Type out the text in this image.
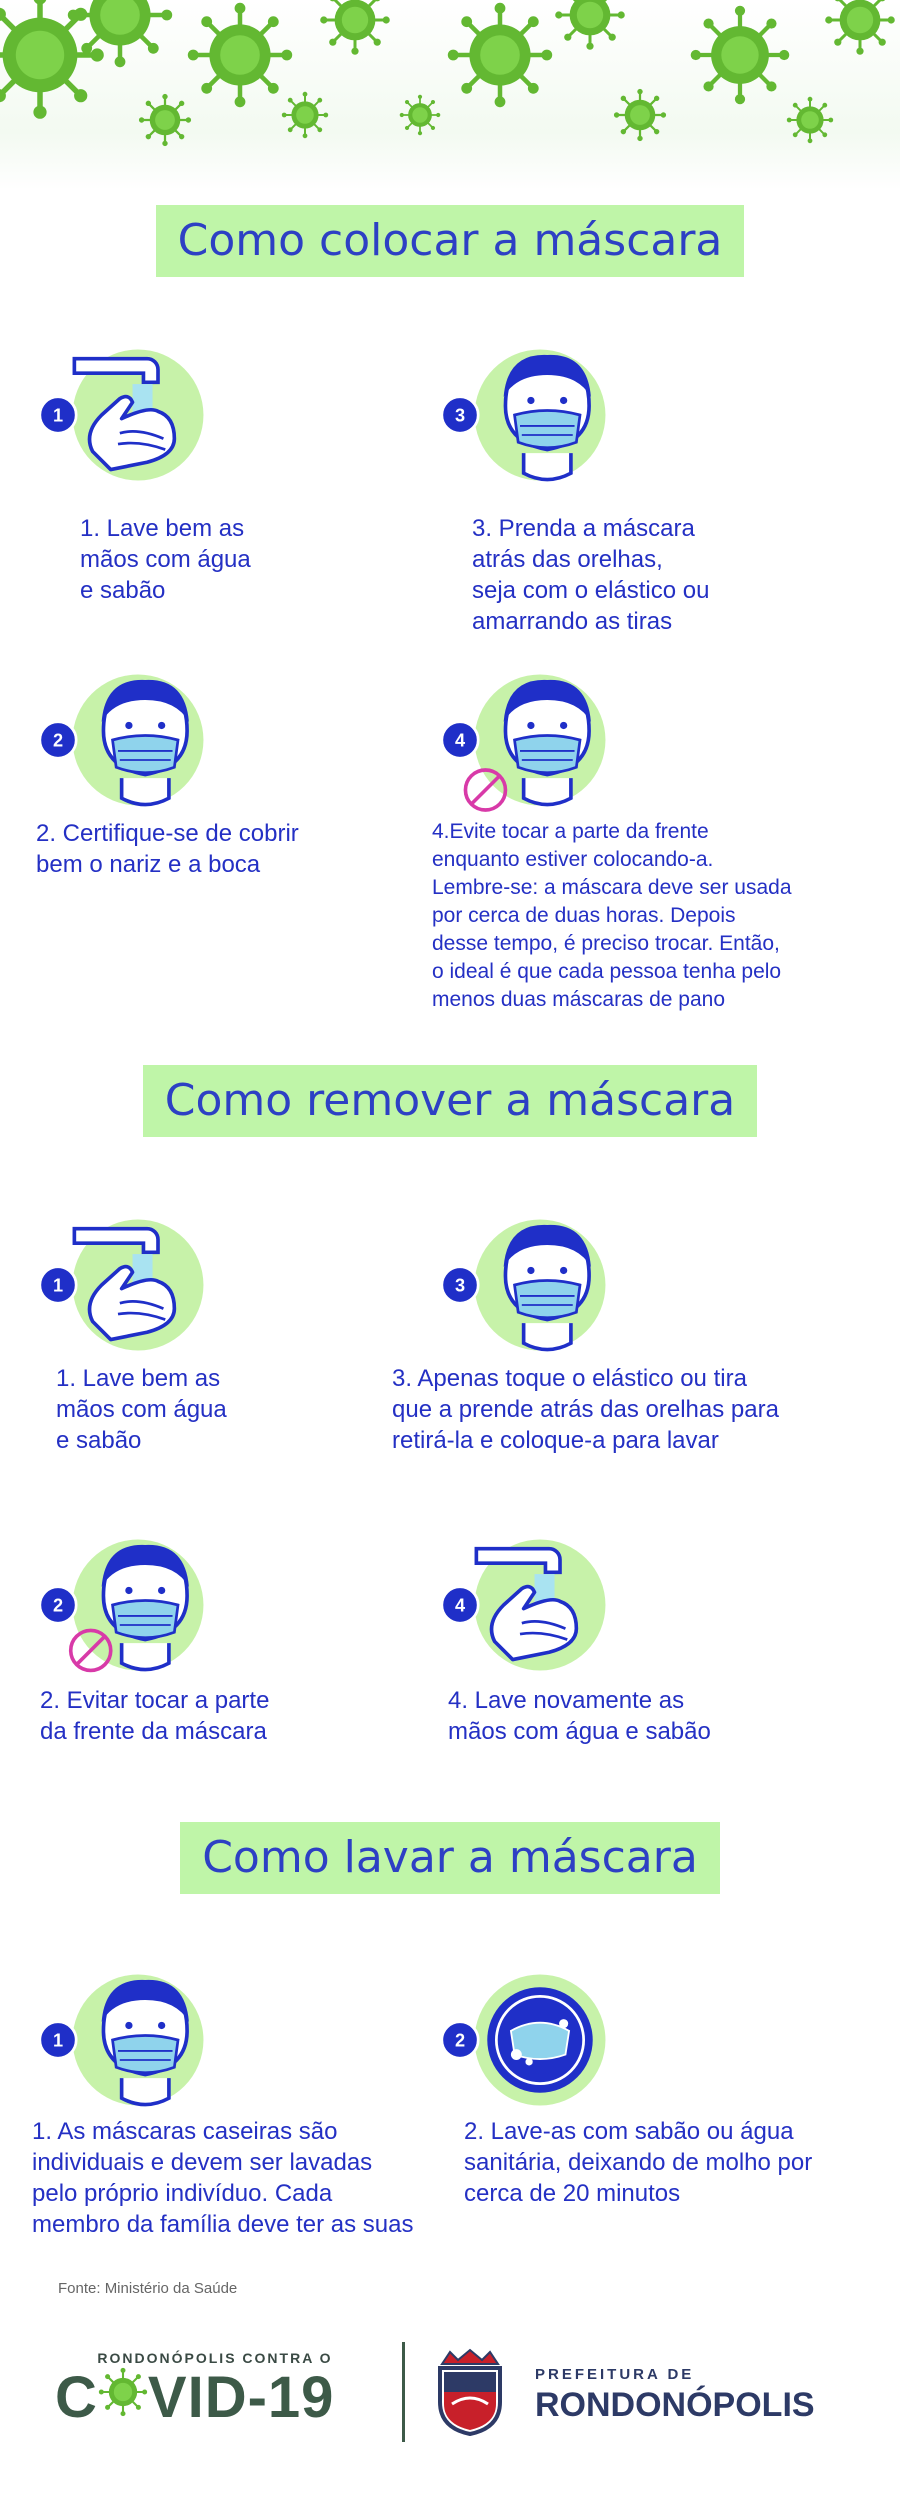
Como colocar a máscara
1
1. Lave bem as
mãos com água
e sabão
3
3. Prenda a máscara
atrás das orelhas,
seja com o elástico ou
amarrando as tiras
2
2. Certifique-se de cobrir
bem o nariz e a boca
4
4.Evite tocar a parte da frente
enquanto estiver colocando-a.
Lembre-se: a máscara deve ser usada
por cerca de duas horas. Depois
desse tempo, é preciso trocar. Então,
o ideal é que cada pessoa tenha pelo
menos duas máscaras de pano
Como remover a máscara
1
1. Lave bem as
mãos com água
e sabão
3
3. Apenas toque o elástico ou tira
que a prende atrás das orelhas para
retirá-la e coloque-a para lavar
2
2. Evitar tocar a parte
da frente da máscara
4
4. Lave novamente as
mãos com água e sabão
Como lavar a máscara
1
1. As máscaras caseiras são
individuais e devem ser lavadas
pelo próprio indivíduo. Cada
membro da família deve ter as suas
2
2. Lave-as com sabão ou água
sanitária, deixando de molho por
cerca de 20 minutos
Fonte: Ministério da Saúde
RONDONÓPOLIS CONTRA O
C VID-19	PREFEITURA DE
RONDONÓPOLIS
